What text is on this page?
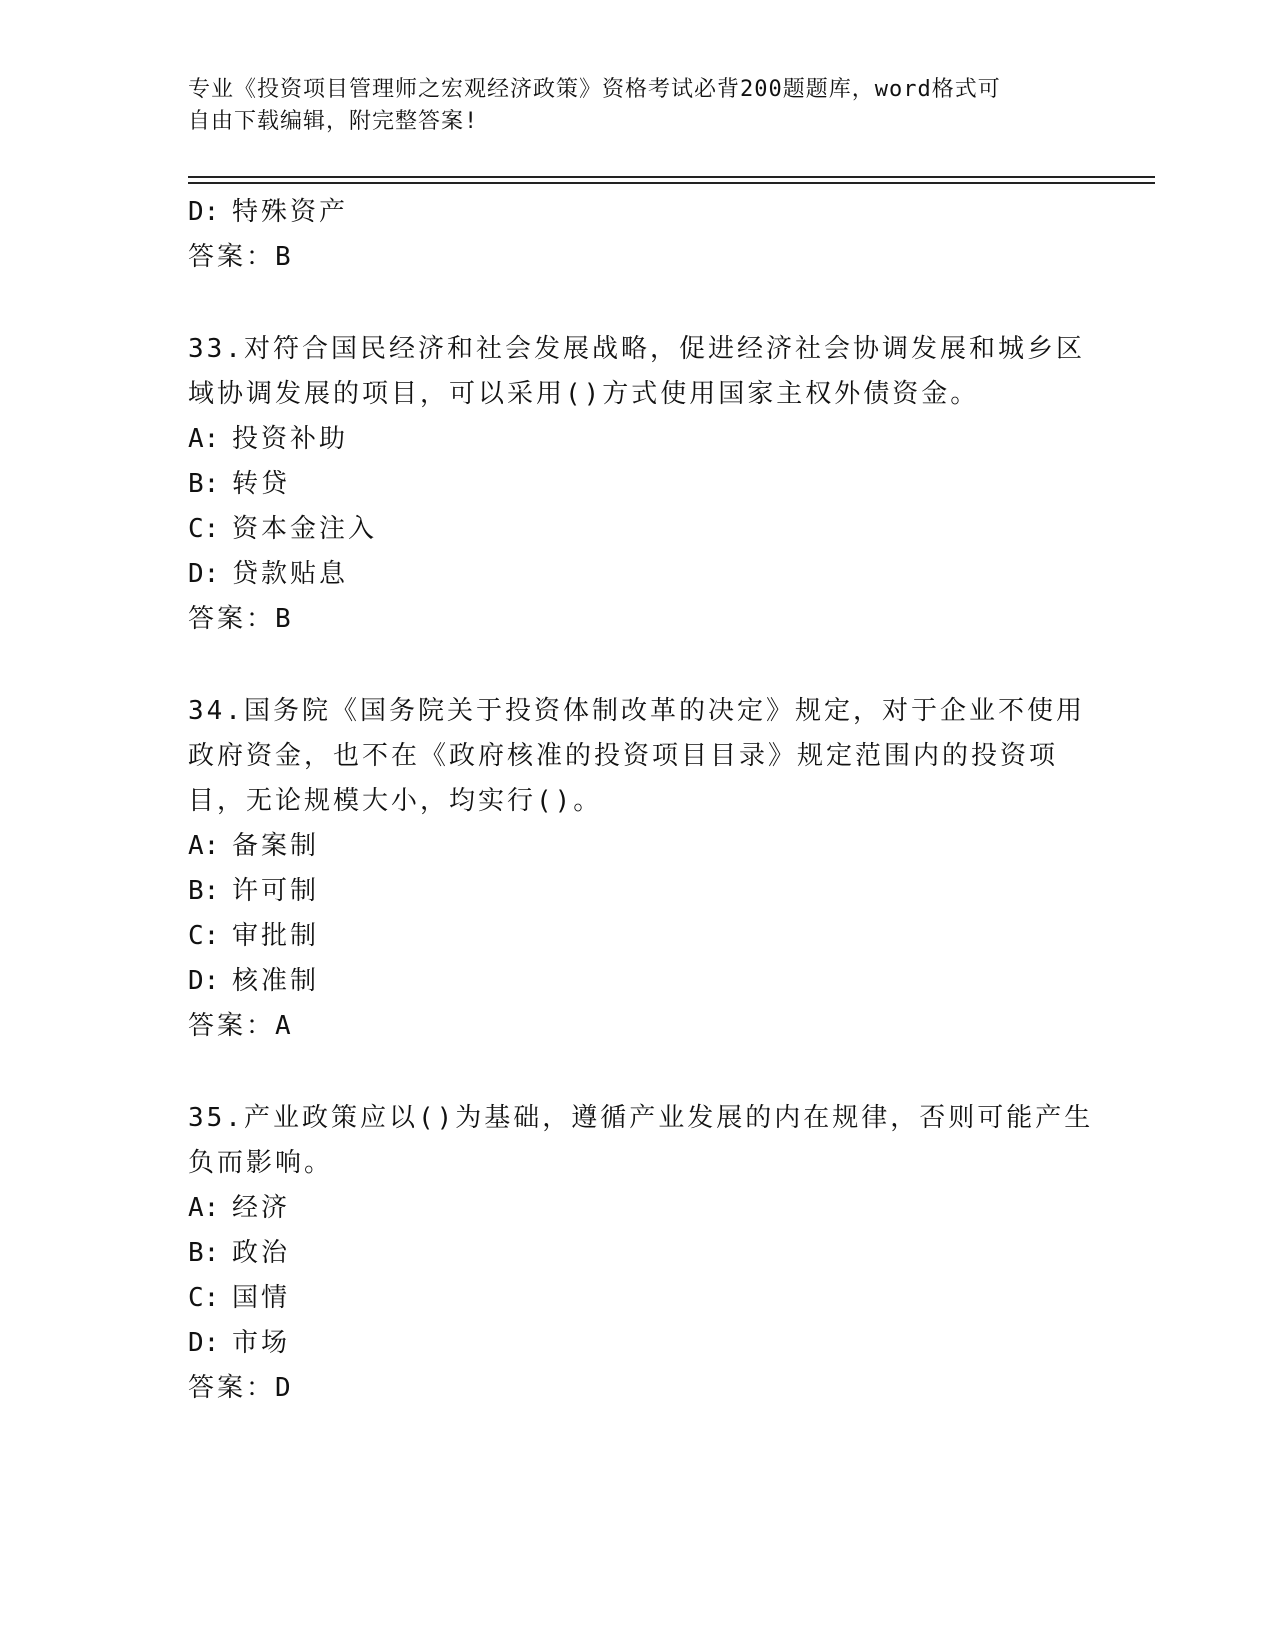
专业《投资项目管理师之宏观经济政策》资格考试必背200题题库，word格式可
自由下载编辑，附完整答案!
D: 特殊资产
答案：B
33.对符合国民经济和社会发展战略，促进经济社会协调发展和城乡区
域协调发展的项目，可以采用()方式使用国家主权外债资金。
A: 投资补助
B: 转贷
C: 资本金注入
D: 贷款贴息
答案：B
34.国务院《国务院关于投资体制改革的决定》规定，对于企业不使用
政府资金，也不在《政府核准的投资项目目录》规定范围内的投资项
目，无论规模大小，均实行()。
A: 备案制
B: 许可制
C: 审批制
D: 核准制
答案：A
35.产业政策应以()为基础，遵循产业发展的内在规律，否则可能产生
负而影响。
A: 经济
B: 政治
C: 国情
D: 市场
答案：D
